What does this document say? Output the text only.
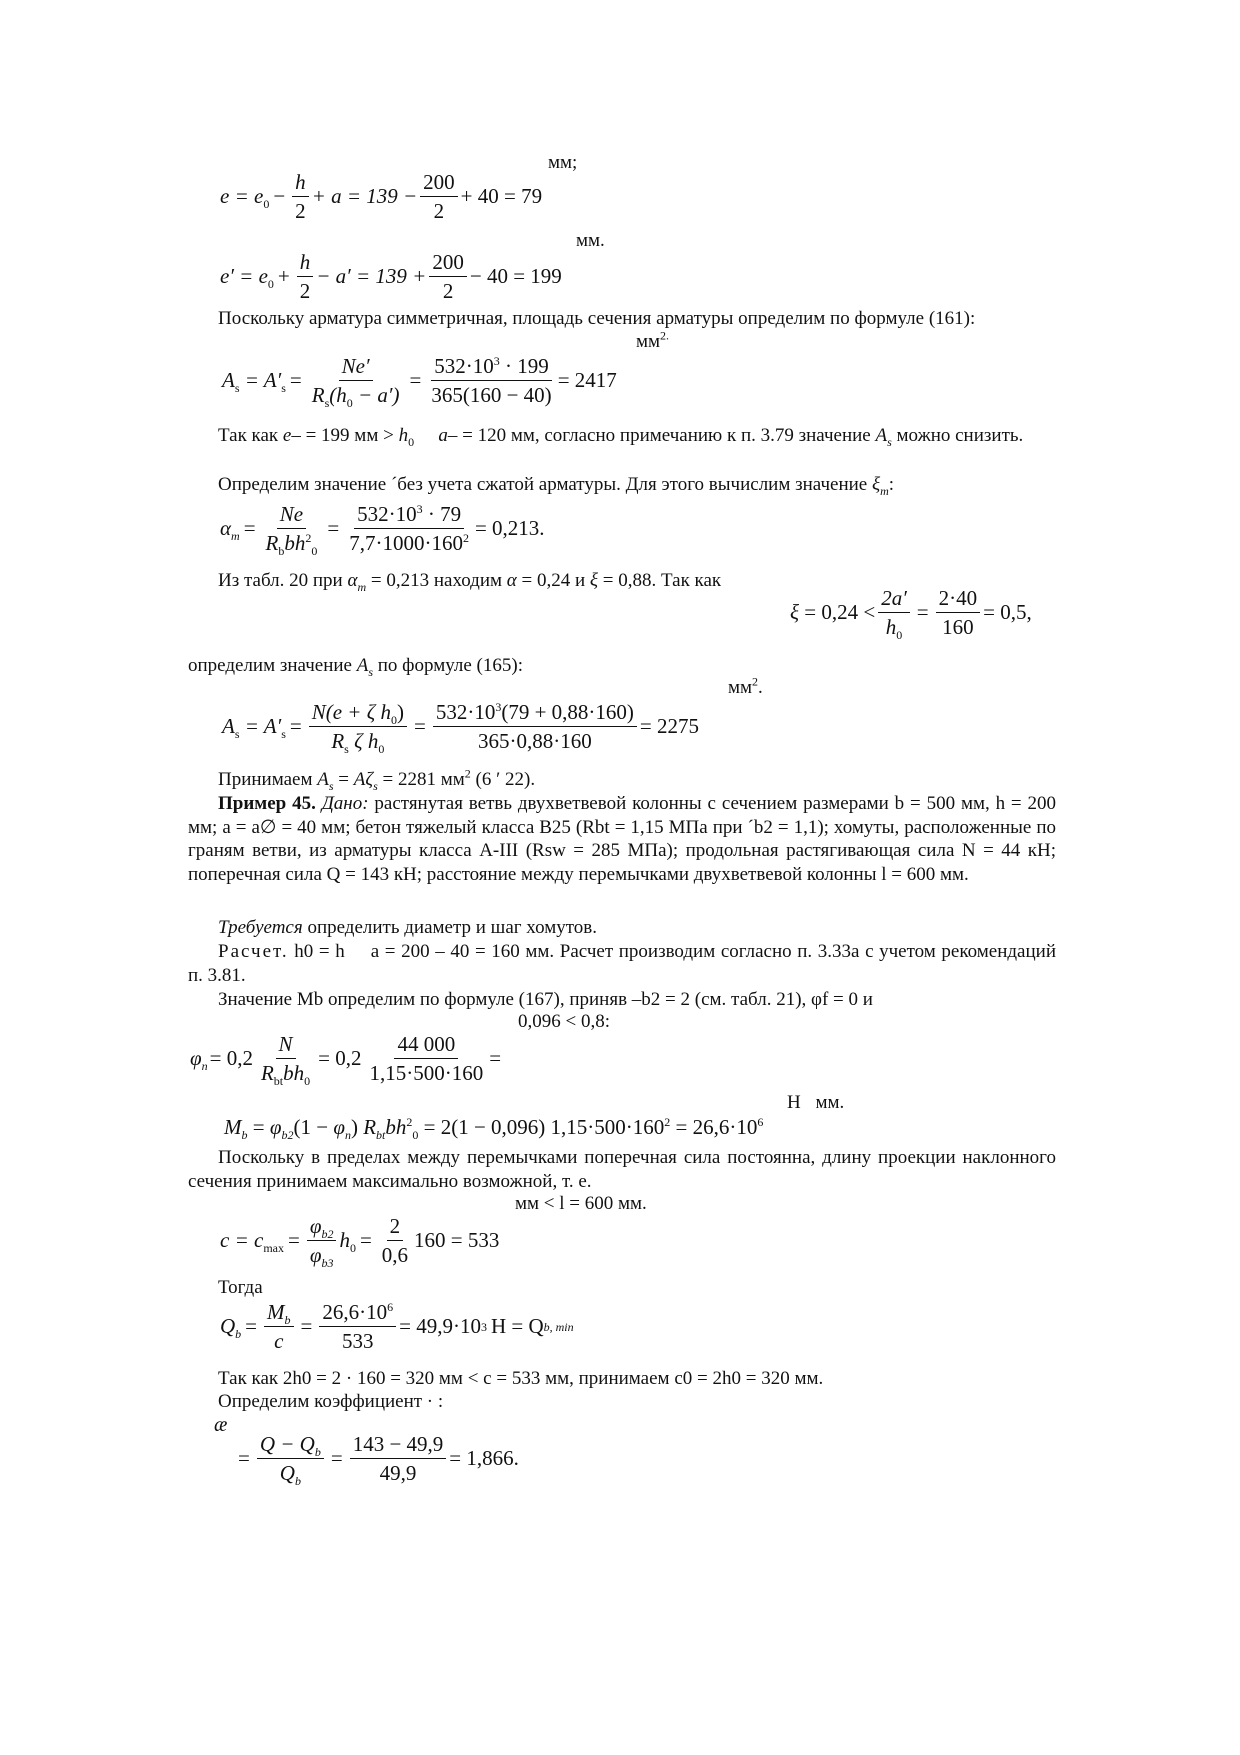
мм;
$e = e_0 - \frac{h}{2} + a = 139 - \frac{200}{2} + 40 = 79$
мм.
$e' = e_0 + \frac{h}{2} - a' = 139 + \frac{200}{2} - 40 = 199$
Поскольку арматура симметричная, площадь сечения арматуры определим по формуле (161):
$мм^{2.}$
$A_s = A'_s = \frac{Ne'}{R_s(h_0 - a')} = \frac{532\cdot 10^3 \cdot 199}{365(160 - 40)} = 2417$
Так как e– = 199 мм > $h_0$   a– = 120 мм, согласно примечанию к п. 3.79 значение $A_s$ можно снизить.
Определим значение ´без учета сжатой арматуры. Для этого вычислим значение $\xi_m$:
$\alpha_m$ =
Ne
$R_bbh^2_0$
= $\frac{532\cdot 10^3 \cdot 79}{7,7\cdot 1000\cdot 160^2} = 0,213$.
Из табл. 20 при $\alpha_m = 0,213$ находим α = 0,24 и ξ = 0,88. Так как
$\xi = 0,24 < \frac{2a'}{h_0} = \frac{2\cdot 40}{160} = 0,5$,
определим значение $A_s$ по формуле (165):
$мм^2$.
$A_s = A'_s = \frac{N(e + \zeta h_0)}{R_s \zeta h_0} = \frac{532\cdot 10^3(79 + 0,88\cdot 160)}{365\cdot 0,88\cdot 160} = 2275$
Принимаем $A_s = A\zeta_s = 2281$ $мм^2$ (6 ′ 22).
Пример 45. Дано: растянутая ветвь двухветвевой колонны с сечением размерами b = 500 мм, h = 200 мм; a = a∅ = 40 мм; бетон тяжелый класса В25 (Rbt = 1,15 МПа при ´b2 = 1,1); хомуты, расположенные по граням ветви, из арматуры класса А-III (Rsw = 285 МПа); продольная растягивающая сила N = 44 кН; поперечная сила Q = 143 кН; расстояние между перемычками двухветвевой колонны l = 600 мм.
Требуется определить диаметр и шаг хомутов.
Расчет. h0 = h   a = 200 – 40 = 160 мм. Расчет производим согласно п. 3.33а с учетом рекомендаций п. 3.81.
Значение Mb определим по формуле (167), приняв –b2 = 2 (см. табл. 21), φf = 0 и
0,096 < 0,8:
$\varphi_n = 0,2$
N
$R_{bt}bh_0$
= $0,2 \frac{44 000}{1,15\cdot 500\cdot 160}$ =
Н мм.
$M_b = \varphi_{b2}(1 - \varphi_n) R_{bt}bh^2_0 = 2(1 - 0,096) 1,15\cdot 500\cdot 160^2 = 26,6\cdot 10^6$
Поскольку в пределах между перемычками поперечная сила постоянна, длину проекции наклонного сечения принимаем максимально возможной, т. е.
мм < l = 600 мм.
$c = c_{max} = \frac{\varphi_{b2}}{\varphi_{b3}} h_0 = \frac{2}{0,6} 160 = 533$
Тогда
$Q_b = \frac{M_b}{c} = \frac{26,6\cdot 10^6}{533} = 49,9\cdot 10$ 3 Н = Q b, min
Так как 2h0 = 2 · 160 = 320 мм < c = 533 мм, принимаем c0 = 2h0 = 320 мм.
Определим коэффициент · :
æ
= $\frac{Q - Q_b}{Q_b} = \frac{143 - 49,9}{49,9} = 1,866$.
